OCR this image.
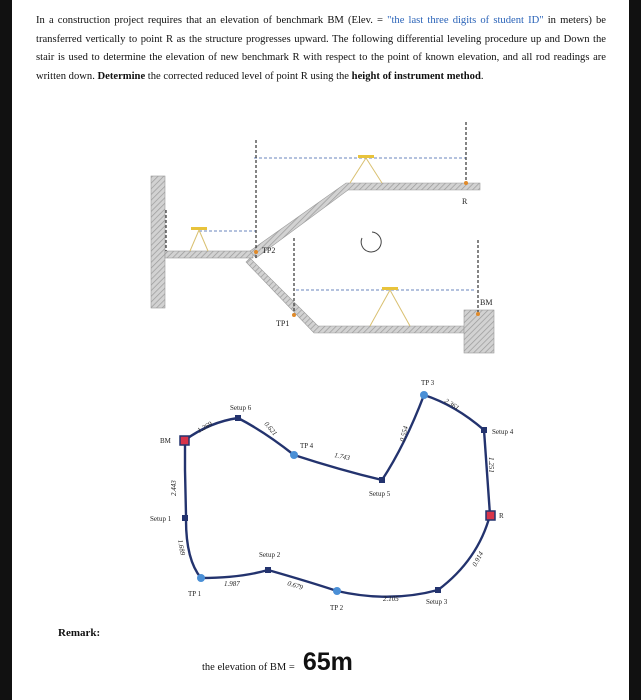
In a construction project requires that an elevation of benchmark BM (Elev. = "the last three digits of student ID" in meters) be transferred vertically to point R as the structure progresses upward. The following differential leveling procedure up and Down the stair is used to determine the elevation of new benchmark R with respect to the point of known elevation, and all rod readings are written down. Determine the corrected reduced level of point R using the height of instrument method.
R
TP2
TP1
BM
BM
Setup 1
TP 1
Setup 2
TP 2
Setup 3
R
Setup 4
TP 3
Setup 5
TP 4
Setup 6
2.443
1.689
1.987	0.679
2.105
0.914
1.251
2.361
0.554
1.743
0.621
1.269
Remark:
the elevation of BM = 65m
